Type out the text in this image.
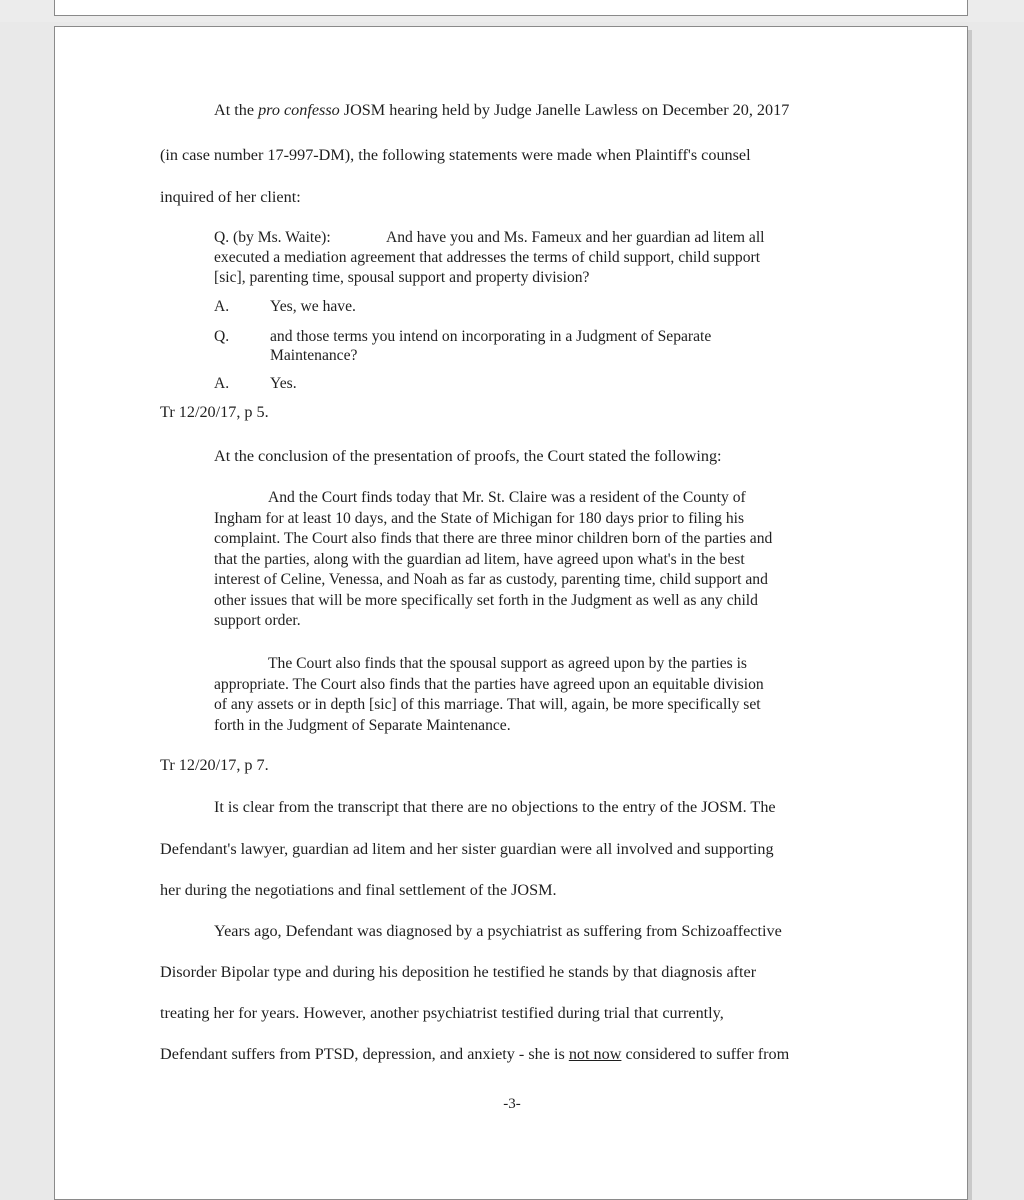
At the pro confesso JOSM hearing held by Judge Janelle Lawless on December 20, 2017
(in case number 17-997-DM), the following statements were made when Plaintiff's counsel
inquired of her client:
Q. (by Ms. Waite):	And have you and Ms. Fameux and her guardian ad litem all
executed a mediation agreement that addresses the terms of child support, child support
[sic], parenting time, spousal support and property division?
A.	Yes, we have.
Q.	and those terms you intend on incorporating in a Judgment of Separate
Maintenance?
A.	Yes.
Tr 12/20/17, p 5.
At the conclusion of the presentation of proofs, the Court stated the following:
And the Court finds today that Mr. St. Claire was a resident of the County of
Ingham for at least 10 days, and the State of Michigan for 180 days prior to filing his
complaint. The Court also finds that there are three minor children born of the parties and
that the parties, along with the guardian ad litem, have agreed upon what's in the best
interest of Celine, Venessa, and Noah as far as custody, parenting time, child support and
other issues that will be more specifically set forth in the Judgment as well as any child
support order.
The Court also finds that the spousal support as agreed upon by the parties is
appropriate. The Court also finds that the parties have agreed upon an equitable division
of any assets or in depth [sic] of this marriage. That will, again, be more specifically set
forth in the Judgment of Separate Maintenance.
Tr 12/20/17, p 7.
It is clear from the transcript that there are no objections to the entry of the JOSM. The
Defendant's lawyer, guardian ad litem and her sister guardian were all involved and supporting
her during the negotiations and final settlement of the JOSM.
Years ago, Defendant was diagnosed by a psychiatrist as suffering from Schizoaffective
Disorder Bipolar type and during his deposition he testified he stands by that diagnosis after
treating her for years. However, another psychiatrist testified during trial that currently,
Defendant suffers from PTSD, depression, and anxiety - she is not now considered to suffer from
-3-
